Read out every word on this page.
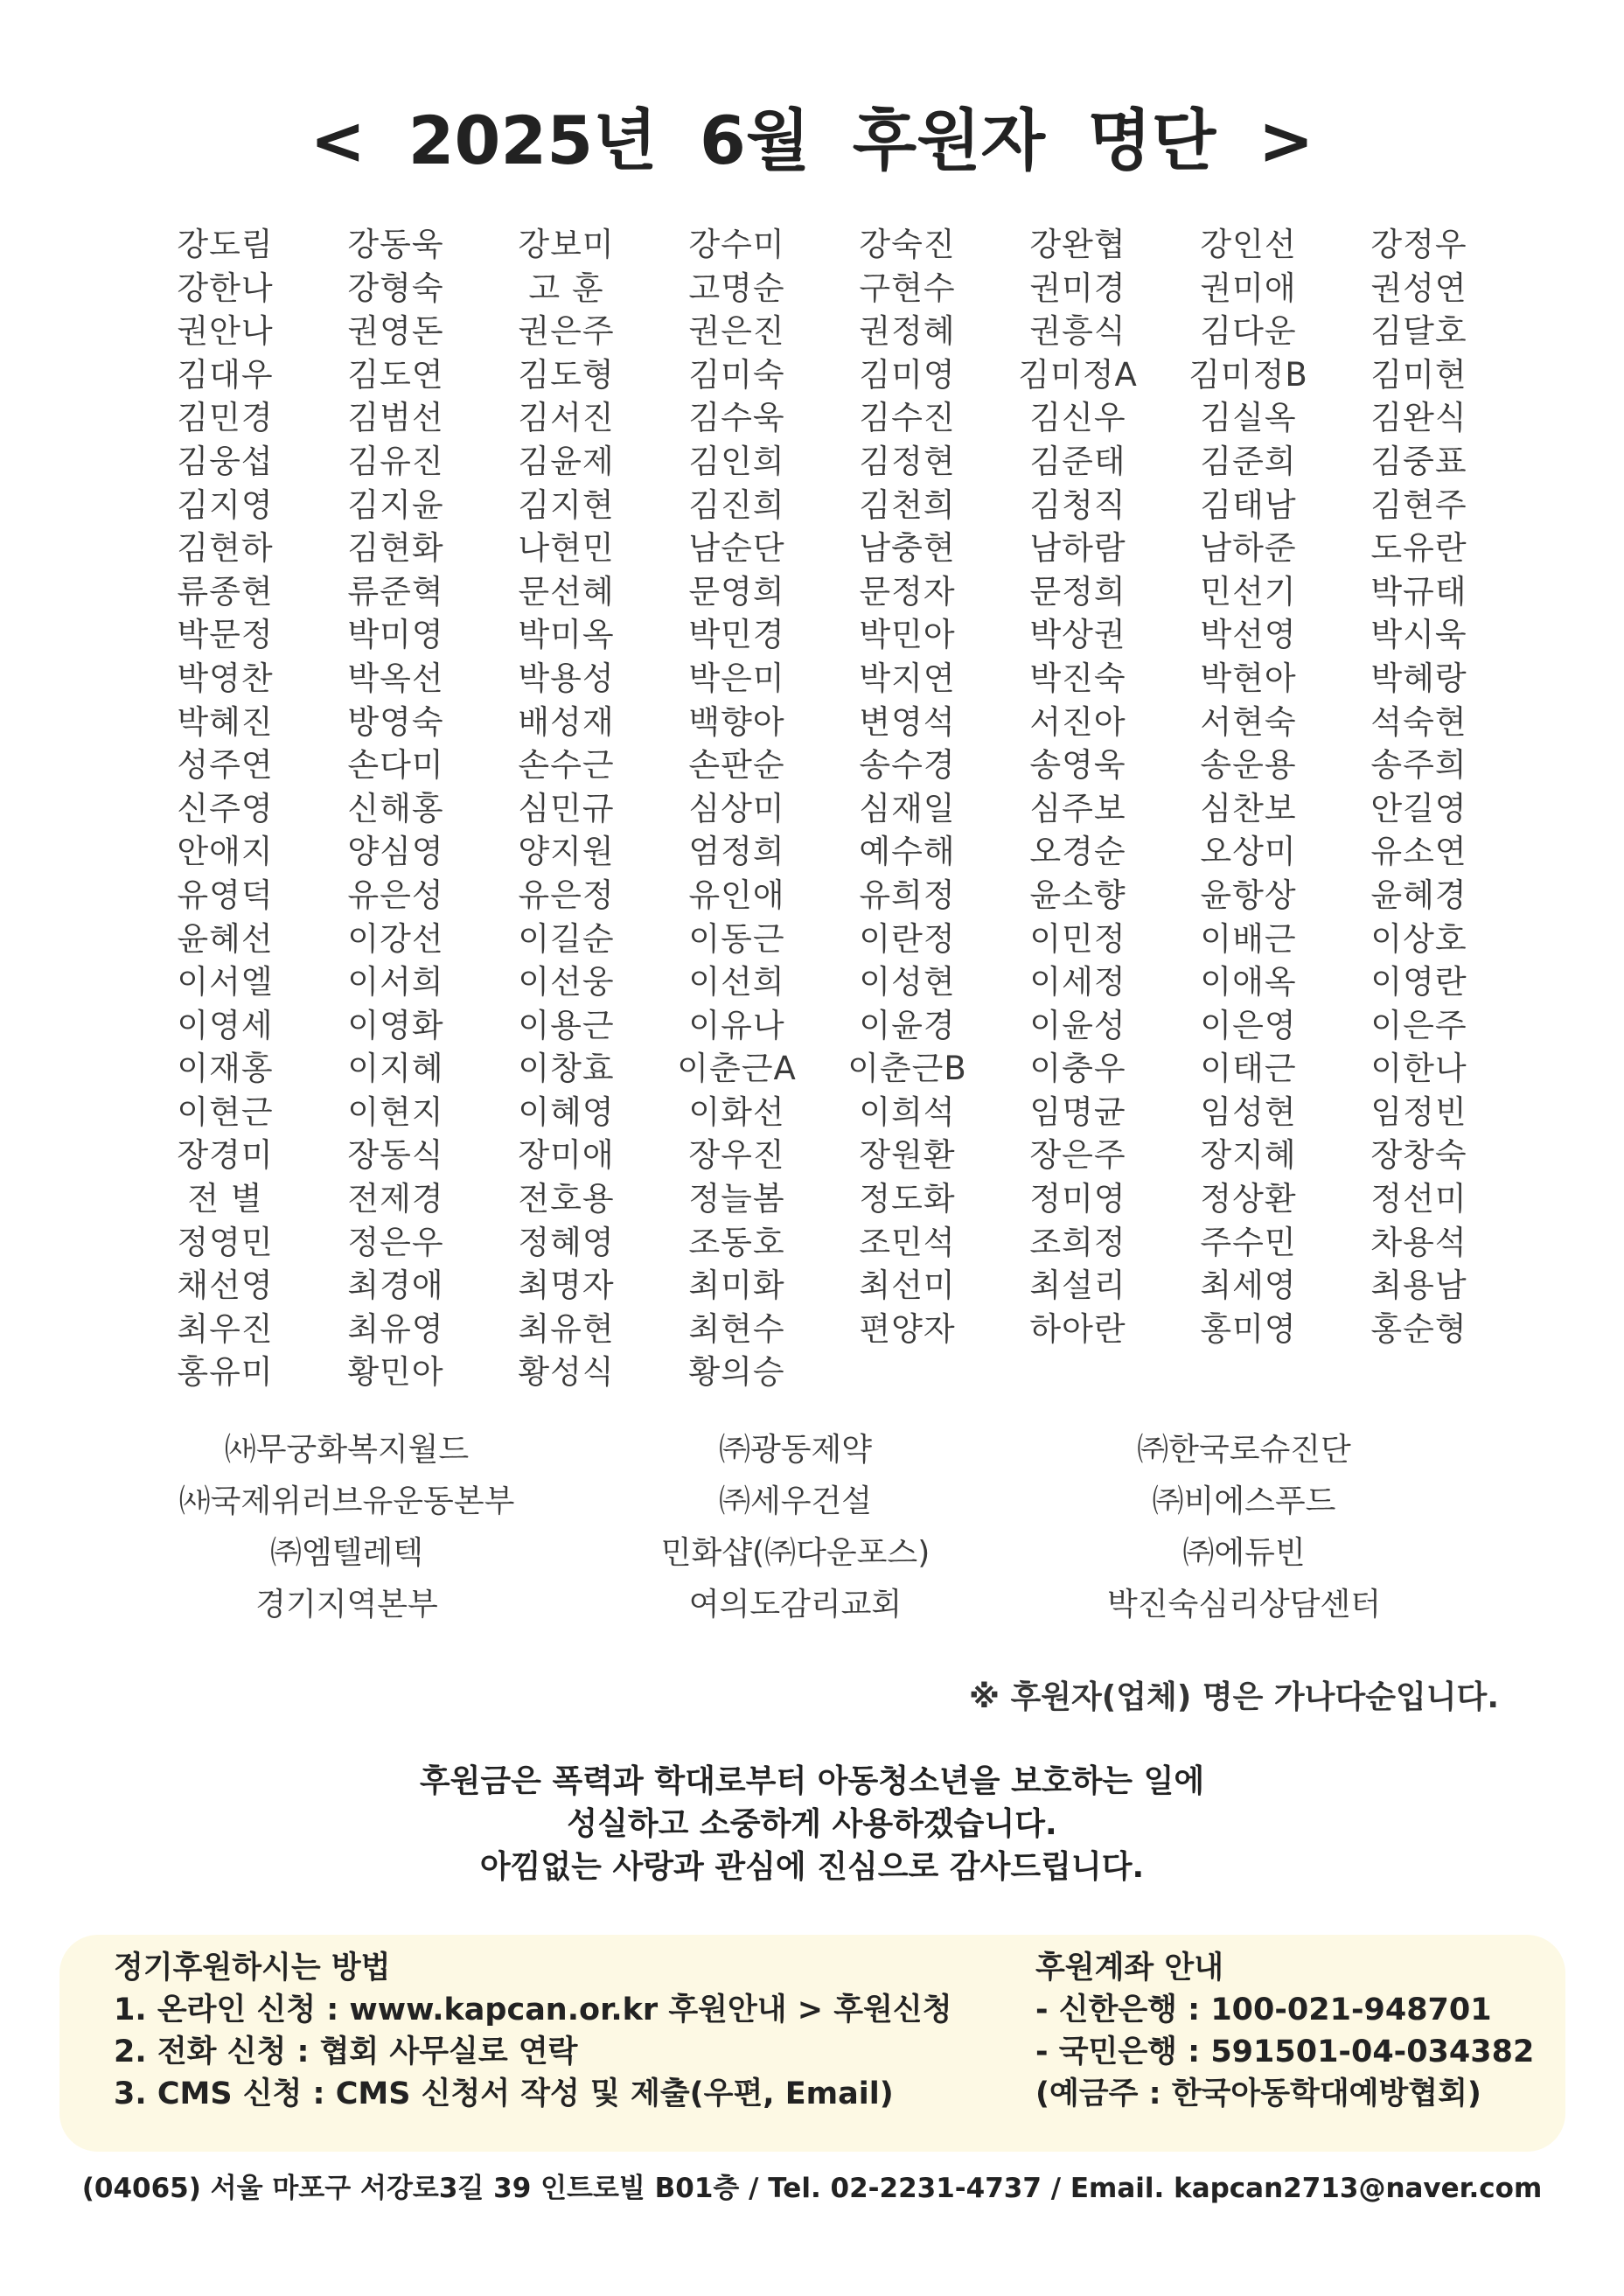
< 2025년 6월 후원자 명단 >
강도림	강동욱	강보미	강수미	강숙진	강완협	강인선	강정우
강한나	강형숙	고 훈	고명순	구현수	권미경	권미애	권성연
권안나	권영돈	권은주	권은진	권정혜	권흥식	김다운	김달호
김대우	김도연	김도형	김미숙	김미영	김미정A	김미정B	김미현
김민경	김범선	김서진	김수욱	김수진	김신우	김실옥	김완식
김웅섭	김유진	김윤제	김인희	김정현	김준태	김준희	김중표
김지영	김지윤	김지현	김진희	김천희	김청직	김태남	김현주
김현하	김현화	나현민	남순단	남충현	남하람	남하준	도유란
류종현	류준혁	문선혜	문영희	문정자	문정희	민선기	박규태
박문정	박미영	박미옥	박민경	박민아	박상권	박선영	박시욱
박영찬	박옥선	박용성	박은미	박지연	박진숙	박현아	박혜랑
박혜진	방영숙	배성재	백향아	변영석	서진아	서현숙	석숙현
성주연	손다미	손수근	손판순	송수경	송영욱	송운용	송주희
신주영	신해홍	심민규	심상미	심재일	심주보	심찬보	안길영
안애지	양심영	양지원	엄정희	예수해	오경순	오상미	유소연
유영덕	유은성	유은정	유인애	유희정	윤소향	윤항상	윤혜경
윤혜선	이강선	이길순	이동근	이란정	이민정	이배근	이상호
이서엘	이서희	이선웅	이선희	이성현	이세정	이애옥	이영란
이영세	이영화	이용근	이유나	이윤경	이윤성	이은영	이은주
이재홍	이지혜	이창효	이춘근A	이춘근B	이충우	이태근	이한나
이현근	이현지	이혜영	이화선	이희석	임명균	임성현	임정빈
장경미	장동식	장미애	장우진	장원환	장은주	장지혜	장창숙
전 별	전제경	전호용	정늘봄	정도화	정미영	정상환	정선미
정영민	정은우	정혜영	조동호	조민석	조희정	주수민	차용석
채선영	최경애	최명자	최미화	최선미	최설리	최세영	최용남
최우진	최유영	최유현	최현수	편양자	하아란	홍미영	홍순형
홍유미	황민아	황성식	황의승
㈔무궁화복지월드	㈜광동제약	㈜한국로슈진단
㈔국제위러브유운동본부	㈜세우건설	㈜비에스푸드
㈜엠텔레텍	민화샵(㈜다운포스)	㈜에듀빈
경기지역본부	여의도감리교회	박진숙심리상담센터
※ 후원자(업체) 명은 가나다순입니다.
후원금은 폭력과 학대로부터 아동청소년을 보호하는 일에
성실하고 소중하게 사용하겠습니다.
아낌없는 사랑과 관심에 진심으로 감사드립니다.
정기후원하시는 방법
1. 온라인 신청 : www.kapcan.or.kr 후원안내 > 후원신청
2. 전화 신청 : 협회 사무실로 연락
3. CMS 신청 : CMS 신청서 작성 및 제출(우편, Email)
후원계좌 안내
- 신한은행 : 100-021-948701
- 국민은행 : 591501-04-034382
(예금주 : 한국아동학대예방협회)
(04065) 서울 마포구 서강로3길 39 인트로빌 B01층 / Tel. 02-2231-4737 / Email. kapcan2713@naver.com
